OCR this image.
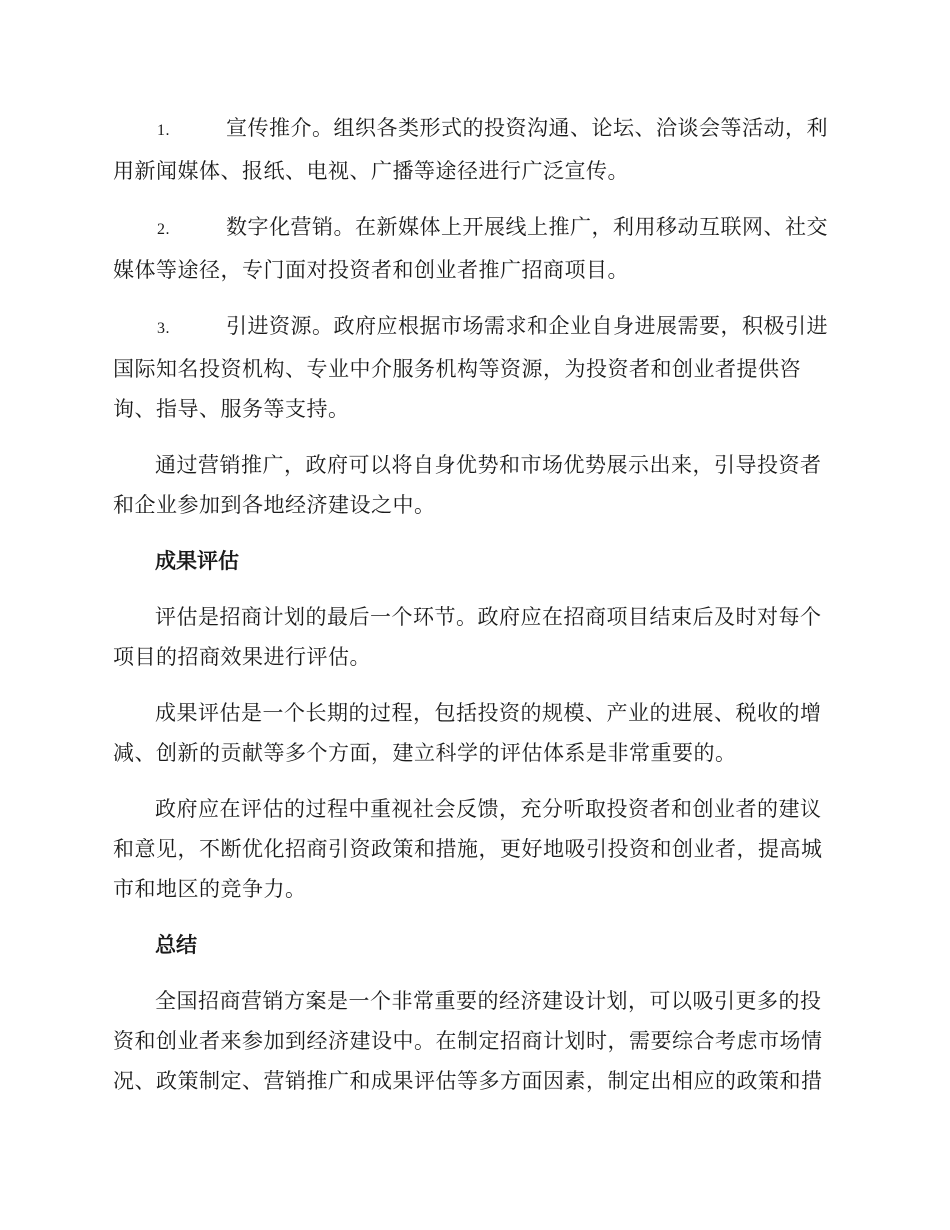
1.	宣传推介。组织各类形式的投资沟通、论坛、洽谈会等活动，利用新闻媒体、报纸、电视、广播等途径进行广泛宣传。

2.	数字化营销。在新媒体上开展线上推广，利用移动互联网、社交媒体等途径，专门面对投资者和创业者推广招商项目。

3.	引进资源。政府应根据市场需求和企业自身进展需要，积极引进国际知名投资机构、专业中介服务机构等资源，为投资者和创业者提供咨询、指导、服务等支持。

通过营销推广，政府可以将自身优势和市场优势展示出来，引导投资者和企业参加到各地经济建设之中。

成果评估

评估是招商计划的最后一个环节。政府应在招商项目结束后及时对每个项目的招商效果进行评估。

成果评估是一个长期的过程，包括投资的规模、产业的进展、税收的增减、创新的贡献等多个方面，建立科学的评估体系是非常重要的。

政府应在评估的过程中重视社会反馈，充分听取投资者和创业者的建议和意见，不断优化招商引资政策和措施，更好地吸引投资和创业者，提高城市和地区的竞争力。

总结

全国招商营销方案是一个非常重要的经济建设计划，可以吸引更多的投资和创业者来参加到经济建设中。在制定招商计划时，需要综合考虑市场情况、政策制定、营销推广和成果评估等多方面因素，制定出相应的政策和措
